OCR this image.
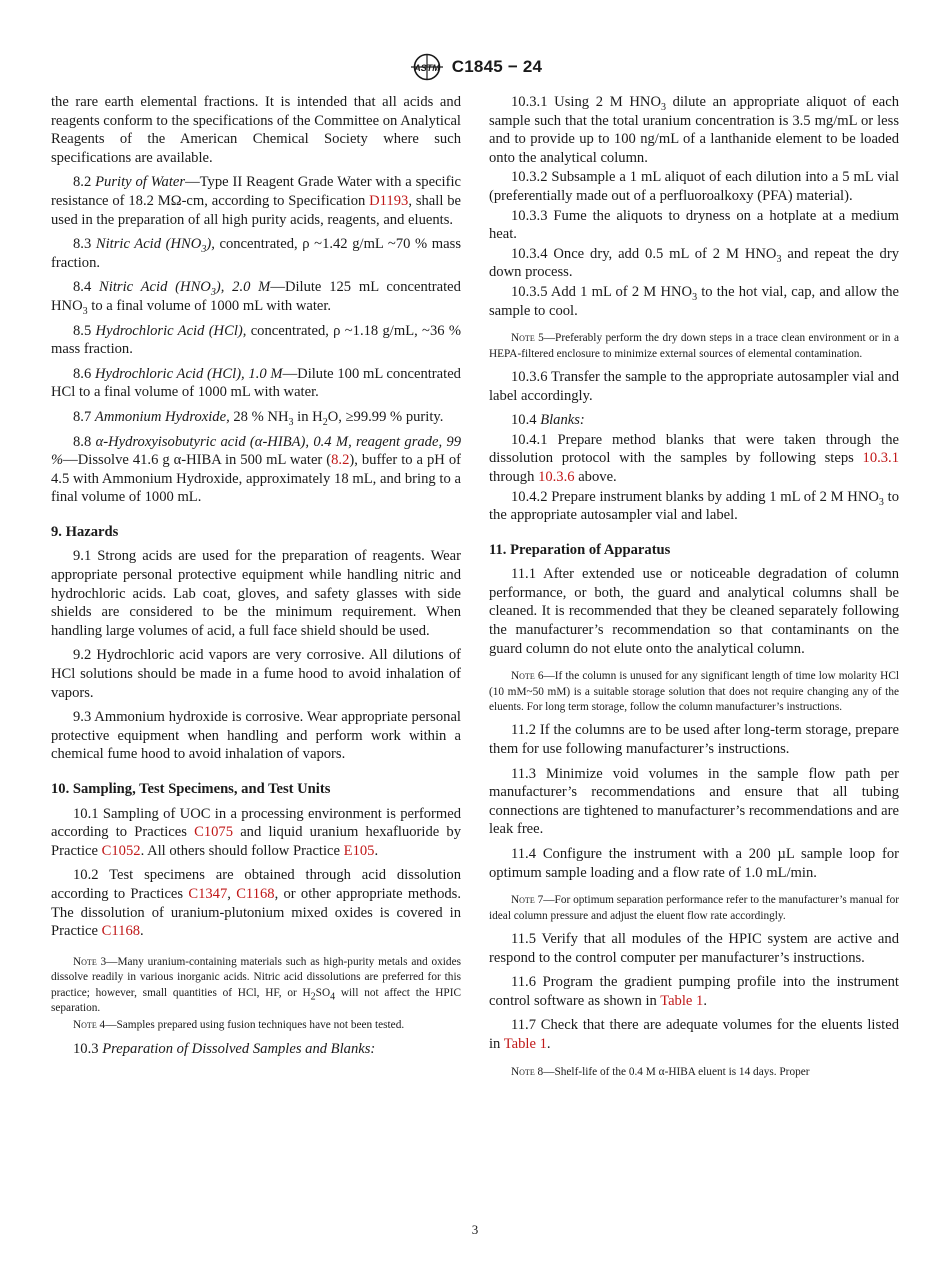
ASTM C1845 − 24

the rare earth elemental fractions. It is intended that all acids and reagents conform to the specifications of the Committee on Analytical Reagents of the American Chemical Society where such specifications are available.

8.2 Purity of Water—Type II Reagent Grade Water with a specific resistance of 18.2 MΩ-cm, according to Specification D1193, shall be used in the preparation of all high purity acids, reagents, and eluents.

8.3 Nitric Acid $(HNO_3)$, concentrated, ρ ~1.42 g/mL ~70 % mass fraction.

8.4 Nitric Acid $(HNO_3)$, 2.0 M—Dilute 125 mL concentrated $HNO_3$ to a final volume of 1000 mL with water.

8.5 Hydrochloric Acid (HCl), concentrated, ρ ~1.18 g/mL, ~36 % mass fraction.

8.6 Hydrochloric Acid (HCl), 1.0 M—Dilute 100 mL concentrated HCl to a final volume of 1000 mL with water.

8.7 Ammonium Hydroxide, 28 % $NH_3$ in $H_2O$, ≥99.99 % purity.

8.8 α-Hydroxyisobutyric acid (α-HIBA), 0.4 M, reagent grade, 99 %—Dissolve 41.6 g α-HIBA in 500 mL water (8.2), buffer to a pH of 4.5 with Ammonium Hydroxide, approximately 18 mL, and bring to a final volume of 1000 mL.

9. Hazards

9.1 Strong acids are used for the preparation of reagents. Wear appropriate personal protective equipment while handling nitric and hydrochloric acids. Lab coat, gloves, and safety glasses with side shields are considered to be the minimum requirement. When handling large volumes of acid, a full face shield should be used.

9.2 Hydrochloric acid vapors are very corrosive. All dilutions of HCl solutions should be made in a fume hood to avoid inhalation of vapors.

9.3 Ammonium hydroxide is corrosive. Wear appropriate personal protective equipment when handling and perform work within a chemical fume hood to avoid inhalation of vapors.

10. Sampling, Test Specimens, and Test Units

10.1 Sampling of UOC in a processing environment is performed according to Practices C1075 and liquid uranium hexafluoride by Practice C1052. All others should follow Practice E105.

10.2 Test specimens are obtained through acid dissolution according to Practices C1347, C1168, or other appropriate methods. The dissolution of uranium-plutonium mixed oxides is covered in Practice C1168.

Note 3—Many uranium-containing materials such as high-purity metals and oxides dissolve readily in various inorganic acids. Nitric acid dissolutions are preferred for this practice; however, small quantities of HCl, HF, or $H_2SO_4$ will not affect the HPIC separation.

Note 4—Samples prepared using fusion techniques have not been tested.

10.3 Preparation of Dissolved Samples and Blanks:

10.3.1 Using 2 M $HNO_3$ dilute an appropriate aliquot of each sample such that the total uranium concentration is 3.5 mg/mL or less and to provide up to 100 ng/mL of a lanthanide element to be loaded onto the analytical column.

10.3.2 Subsample a 1 mL aliquot of each dilution into a 5 mL vial (preferentially made out of a perfluoroalkoxy (PFA) material).

10.3.3 Fume the aliquots to dryness on a hotplate at a medium heat.

10.3.4 Once dry, add 0.5 mL of 2 M $HNO_3$ and repeat the dry down process.

10.3.5 Add 1 mL of 2 M $HNO_3$ to the hot vial, cap, and allow the sample to cool.

Note 5—Preferably perform the dry down steps in a trace clean environment or in a HEPA-filtered enclosure to minimize external sources of elemental contamination.

10.3.6 Transfer the sample to the appropriate autosampler vial and label accordingly.

10.4 Blanks:

10.4.1 Prepare method blanks that were taken through the dissolution protocol with the samples by following steps 10.3.1 through 10.3.6 above.

10.4.2 Prepare instrument blanks by adding 1 mL of 2 M $HNO_3$ to the appropriate autosampler vial and label.

11. Preparation of Apparatus

11.1 After extended use or noticeable degradation of column performance, or both, the guard and analytical columns shall be cleaned. It is recommended that they be cleaned separately following the manufacturer’s recommendation so that contaminants on the guard column do not elute onto the analytical column.

Note 6—If the column is unused for any significant length of time low molarity HCl (10 mM~50 mM) is a suitable storage solution that does not require changing any of the eluents. For long term storage, follow the column manufacturer’s instructions.

11.2 If the columns are to be used after long-term storage, prepare them for use following manufacturer’s instructions.

11.3 Minimize void volumes in the sample flow path per manufacturer’s recommendations and ensure that all tubing connections are tightened to manufacturer’s recommendations and are leak free.

11.4 Configure the instrument with a 200 µL sample loop for optimum sample loading and a flow rate of 1.0 mL/min.

Note 7—For optimum separation performance refer to the manufacturer’s manual for ideal column pressure and adjust the eluent flow rate accordingly.

11.5 Verify that all modules of the HPIC system are active and respond to the control computer per manufacturer’s instructions.

11.6 Program the gradient pumping profile into the instrument control software as shown in Table 1.

11.7 Check that there are adequate volumes for the eluents listed in Table 1.

Note 8—Shelf-life of the 0.4 M α-HIBA eluent is 14 days. Proper

3
